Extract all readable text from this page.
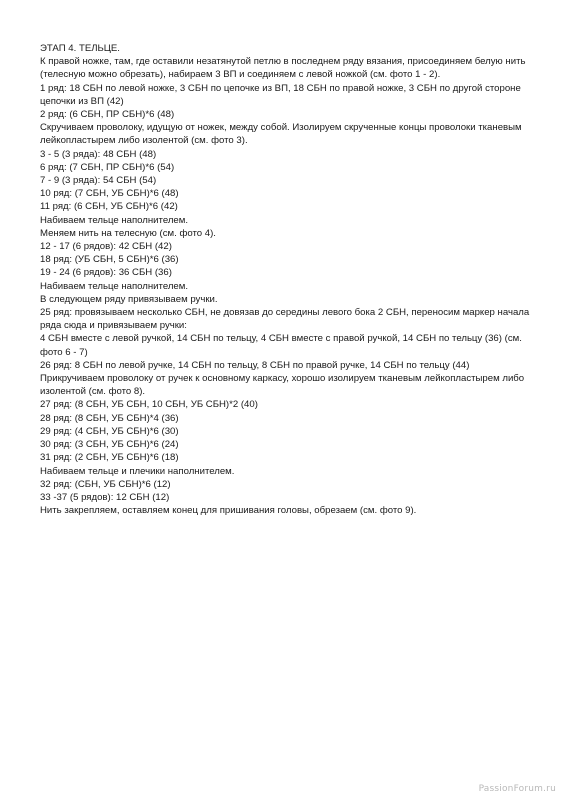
ЭТАП 4. ТЕЛЬЦЕ.

К правой ножке, там, где оставили незатянутой петлю в последнем ряду вязания, присоединяем белую нить (телесную можно обрезать), набираем 3 ВП и соединяем с левой ножкой (см. фото 1 - 2).

1 ряд: 18 СБН по левой ножке, 3 СБН по цепочке из ВП, 18 СБН по правой ножке, 3 СБН по другой стороне цепочки из ВП (42)

2 ряд: (6 СБН, ПР СБН)*6 (48)

Скручиваем проволоку, идущую от ножек, между собой. Изолируем скрученные концы проволоки тканевым лейкопластырем либо изолентой (см. фото 3).

3 - 5 (3 ряда): 48 СБН (48)

6 ряд: (7 СБН, ПР СБН)*6 (54)

7 - 9 (3 ряда): 54 СБН (54)

10 ряд: (7 СБН, УБ СБН)*6 (48)

11 ряд: (6 СБН, УБ СБН)*6 (42)

Набиваем тельце наполнителем.

Меняем нить на телесную (см. фото 4).

12 - 17 (6 рядов): 42 СБН (42)

18 ряд: (УБ СБН, 5 СБН)*6 (36)

19 - 24 (6 рядов): 36 СБН (36)

Набиваем тельце наполнителем.

В следующем ряду привязываем ручки.

25 ряд: провязываем несколько СБН, не довязав до середины левого бока 2 СБН, переносим маркер начала ряда сюда и привязываем ручки:

4 СБН вместе с левой ручкой, 14 СБН по тельцу, 4 СБН вместе с правой ручкой, 14 СБН по тельцу (36) (см. фото 6 - 7)

26 ряд: 8 СБН по левой ручке, 14 СБН по тельцу, 8 СБН по правой ручке, 14 СБН по тельцу (44)

Прикручиваем проволоку от ручек к основному каркасу, хорошо изолируем тканевым лейкопластырем либо изолентой (см. фото 8).

27 ряд: (8 СБН, УБ СБН, 10 СБН, УБ СБН)*2 (40)

28 ряд: (8 СБН, УБ СБН)*4 (36)

29 ряд: (4 СБН, УБ СБН)*6 (30)

30 ряд: (3 СБН, УБ СБН)*6 (24)

31 ряд: (2 СБН, УБ СБН)*6 (18)

Набиваем тельце и плечики наполнителем.

32 ряд: (СБН, УБ СБН)*6 (12)

33 -37 (5 рядов): 12 СБН (12)

Нить закрепляем, оставляем конец для пришивания головы, обрезаем (см. фото 9).

PassionForum.ru
